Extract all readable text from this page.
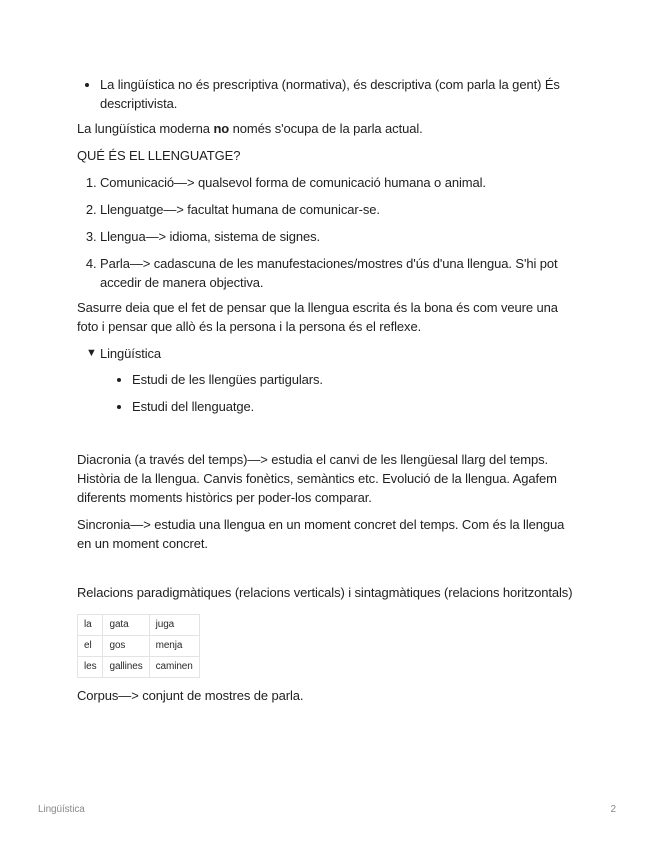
• La lingüística no és prescriptiva (normativa), és descriptiva (com parla la gent) És descriptivista.

La lungüística moderna no només s'ocupa de la parla actual.

QUÉ ÉS EL LLENGUATGE?

1. Comunicació—> qualsevol forma de comunicació humana o animal.
2. Llenguatge—> facultat humana de comunicar-se.
3. Llengua—> idioma, sistema de signes.
4. Parla—> cadascuna de les manufestaciones/mostres d'ús d'una llengua. S'hi pot accedir de manera objectiva.

Sasurre deia que el fet de pensar que la llengua escrita és la bona és com veure una foto i pensar que allò és la persona i la persona és el reflexe.

▼ Lingüística
• Estudi de les llengües partigulars.
• Estudi del llenguatge.

Diacronia (a través del temps)—> estudia el canvi de les llengüesal llarg del temps. Història de la llengua. Canvis fonètics, semàntics etc. Evolució de la llengua. Agafem diferents moments històrics per poder-los comparar.

Sincronia—> estudia una llengua en un moment concret del temps. Com és la llengua en un moment concret.

Relacions paradigmàtiques (relacions verticals) i sintagmàtiques (relacions horitzontals)

la	gata	juga
el	gos	menja
les	gallines	caminen

Corpus—> conjunt de mostres de parla.

Lingüística	2
